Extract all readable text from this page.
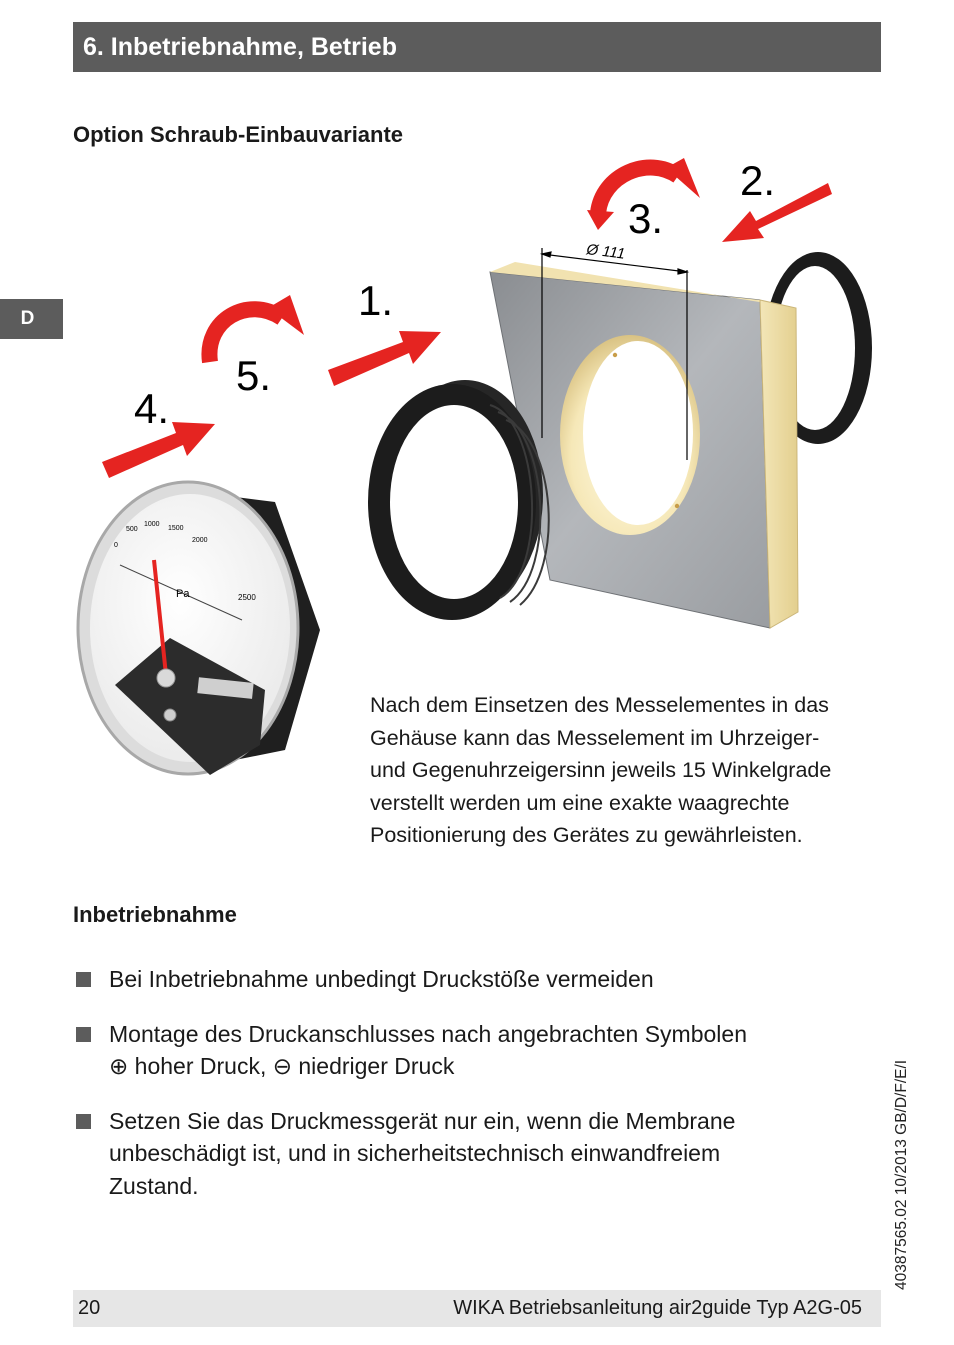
6. Inbetriebnahme, Betrieb
D
Option Schraub-Einbauvariante
Ø 111
0
500
1000
1500
2000
2500
Pa
1.
2.
3.
4.
5.

Nach dem Einsetzen des Messelementes in das
Gehäuse kann das Messelement im Uhrzeiger-
und Gegenuhrzeigersinn jeweils 15 Winkelgrade
verstellt werden um eine exakte waagrechte
Positionierung des Gerätes zu gewährleisten.

Inbetriebnahme
Bei Inbetriebnahme unbedingt Druckstöße vermeiden
Montage des Druckanschlusses nach angebrachten Symbolen
⊕ hoher Druck, ⊖ niedriger Druck
Setzen Sie das Druckmessgerät nur ein, wenn die Membrane
unbeschädigt ist, und in sicherheitstechnisch einwandfreiem
Zustand.	40387565.02 10/2013 GB/D/F/E/I
20	WIKA Betriebsanleitung air2guide Typ A2G-05
